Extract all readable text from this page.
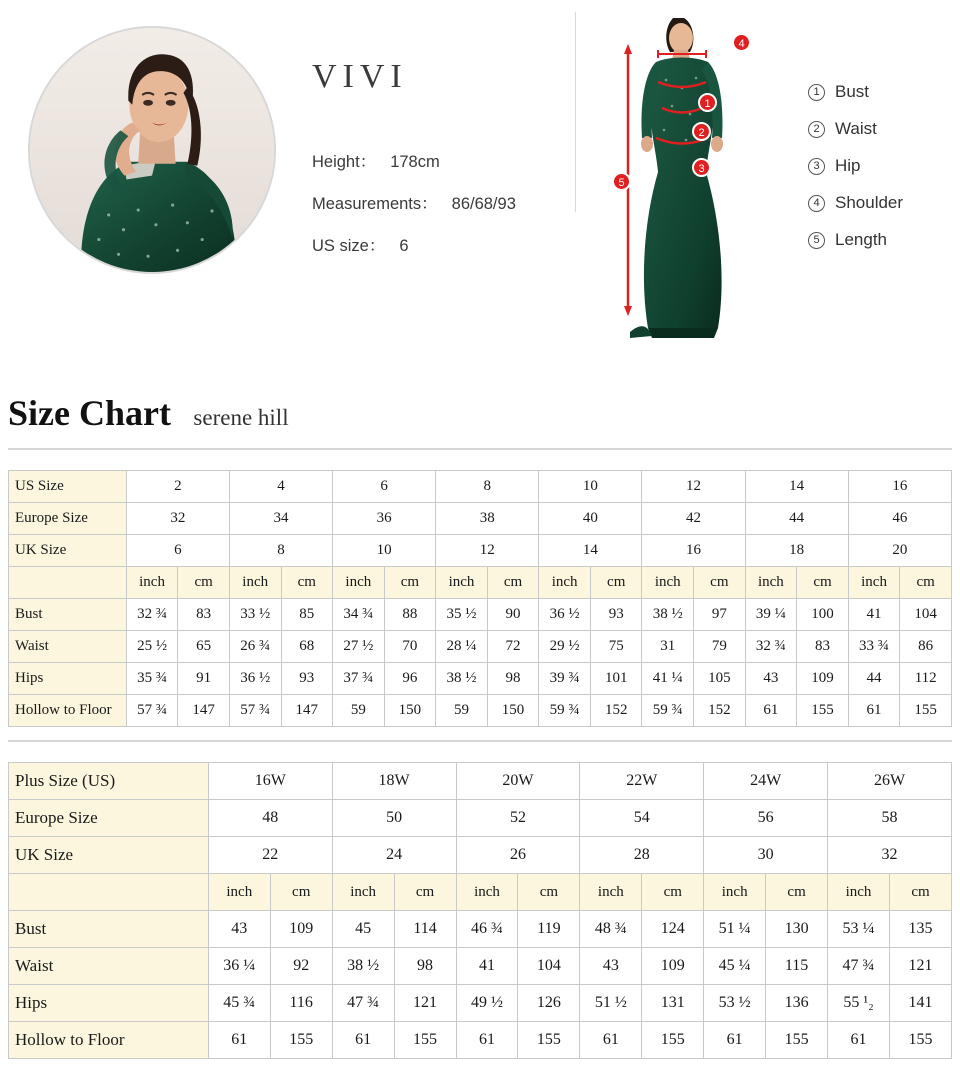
VIVI
Height： 178cm
Measurements： 86/68/93
US size： 6
4
1
2
3
5
1 Bust
2 Waist
3 Hip
4 Shoulder
5 Length
Size Chart serene hill
US Size	2		4		6		8		10		12		14		16	
Europe Size	32		34		36		38		40		42		44		46	
UK Size	6		8		10		12		14		16		18		20	
	inch	cm	inch	cm	inch	cm	inch	cm	inch	cm	inch	cm	inch	cm	inch	cm
Bust	32 ¾	83	33 ½	85	34 ¾	88	35 ½	90	36 ½	93	38 ½	97	39 ¼	100	41	104
Waist	25 ½	65	26 ¾	68	27 ½	70	28 ¼	72	29 ½	75	31	79	32 ¾	83	33 ¾	86
Hips	35 ¾	91	36 ½	93	37 ¾	96	38 ½	98	39 ¾	101	41 ¼	105	43	109	44	112
Hollow to Floor	57 ¾	147	57 ¾	147	59	150	59	150	59 ¾	152	59 ¾	152	61	155	61	155
Plus Size (US)	16W		18W		20W		22W		24W		26W	
Europe Size	48		50		52		54		56		58	
UK Size	22		24		26		28		30		32	
	inch	cm	inch	cm	inch	cm	inch	cm	inch	cm	inch	cm
Bust	43	109	45	114	46 ¾	119	48 ¾	124	51 ¼	130	53 ¼	135
Waist	36 ¼	92	38 ½	98	41	104	43	109	45 ¼	115	47 ¾	121
Hips	45 ¾	116	47 ¾	121	49 ½	126	51 ½	131	53 ½	136	55 ¹₂	141
Hollow to Floor	61	155	61	155	61	155	61	155	61	155	61	155
